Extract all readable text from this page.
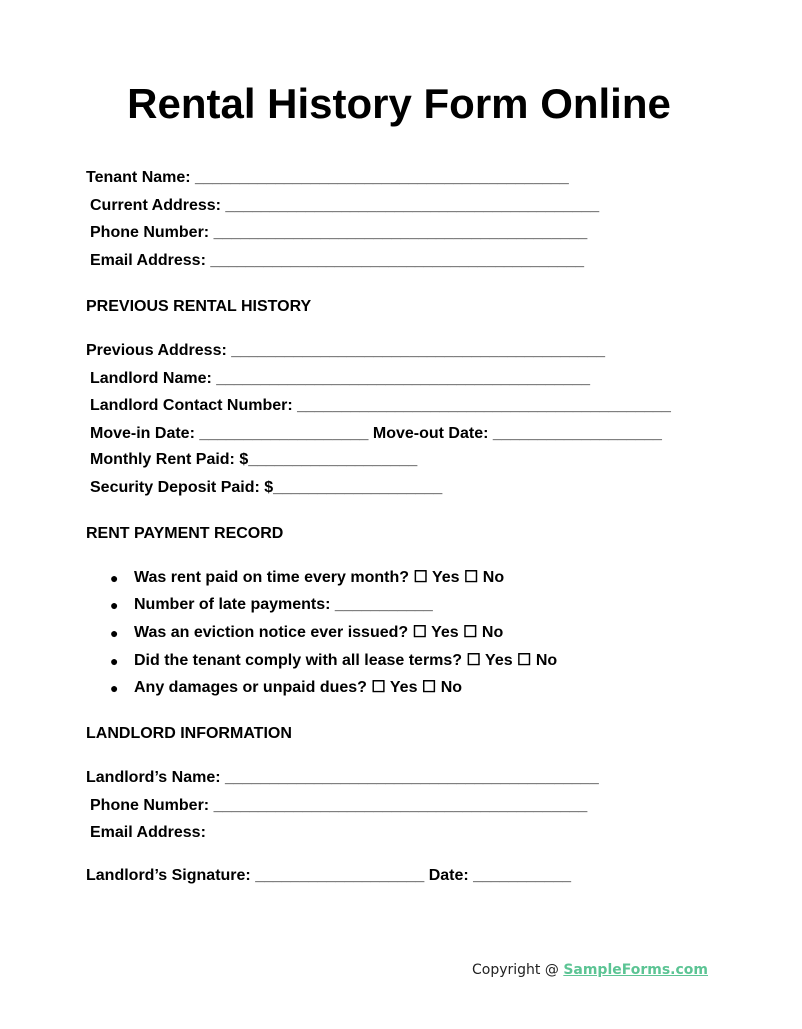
Rental History Form Online
Tenant Name: __________________________________________
Current Address: __________________________________________
Phone Number: __________________________________________
Email Address: __________________________________________
PREVIOUS RENTAL HISTORY
Previous Address: __________________________________________
Landlord Name: __________________________________________
Landlord Contact Number: __________________________________________
Move-in Date: ___________________ Move-out Date: ___________________
Monthly Rent Paid: $___________________
Security Deposit Paid: $___________________
RENT PAYMENT RECORD
● Was rent paid on time every month? ☐ Yes ☐ No
● Number of late payments: ___________
● Was an eviction notice ever issued? ☐ Yes ☐ No
● Did the tenant comply with all lease terms? ☐ Yes ☐ No
● Any damages or unpaid dues? ☐ Yes ☐ No
LANDLORD INFORMATION
Landlord’s Name: __________________________________________
Phone Number: __________________________________________
Email Address:
Landlord’s Signature: ___________________ Date: ___________
Copyright @ SampleForms.com
